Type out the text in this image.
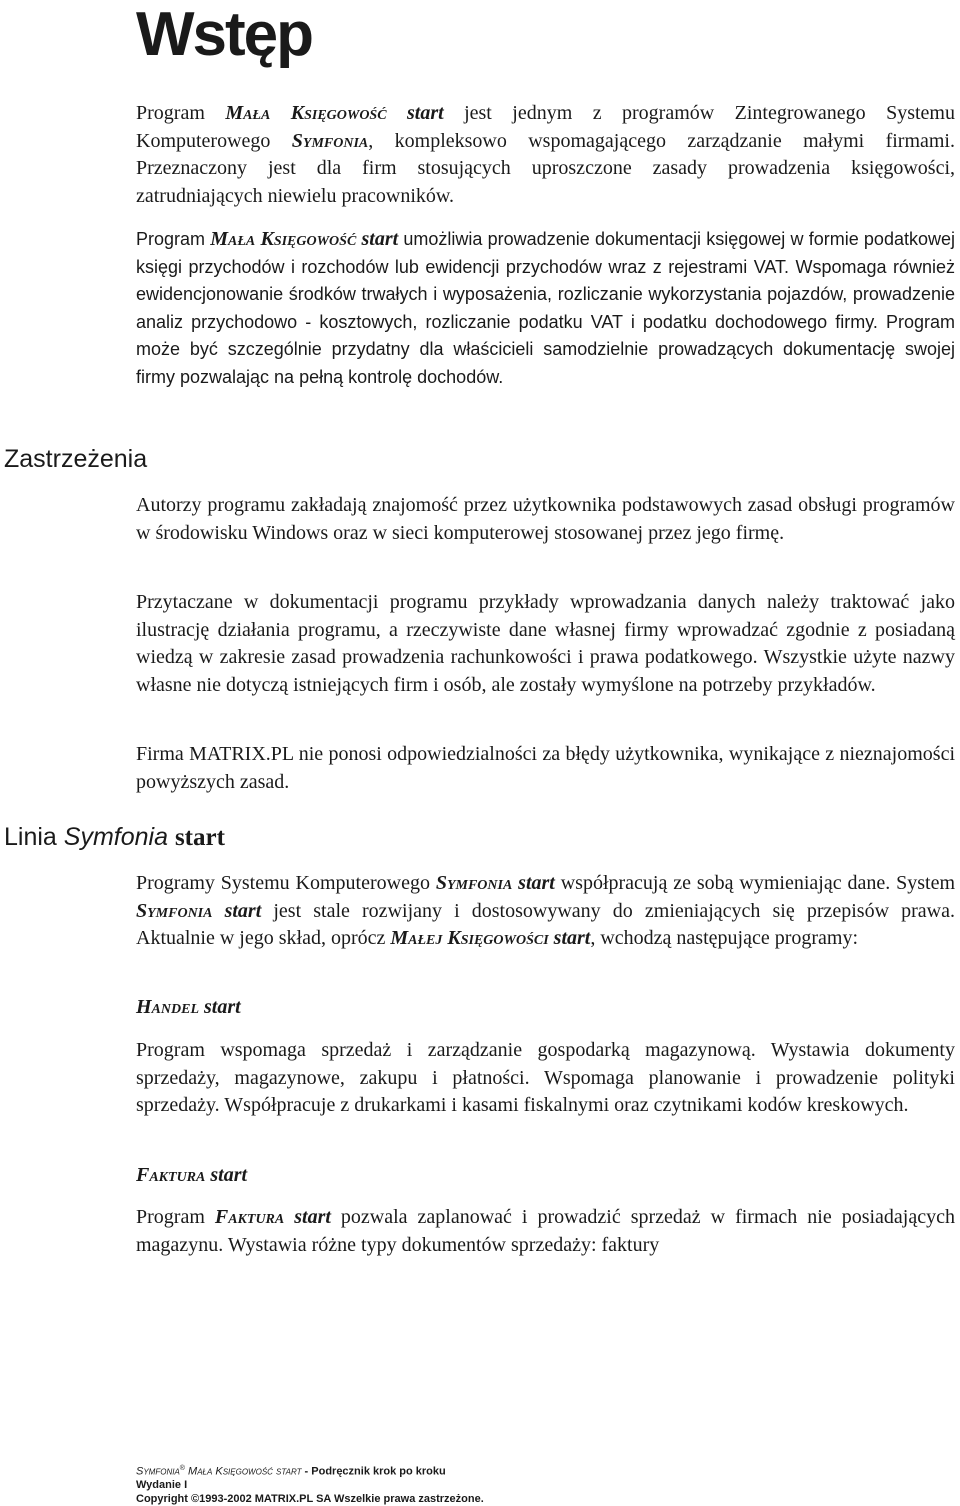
Wstęp
Program Mała Księgowość start jest jednym z programów Zintegrowanego Systemu Komputerowego Symfonia, kompleksowo wspomagającego zarządzanie małymi firmami. Przeznaczony jest dla firm stosujących uproszczone zasady prowadzenia księgowości, zatrudniających niewielu pracowników.
Program Mała Księgowość start umożliwia prowadzenie dokumentacji księgowej w formie podatkowej księgi przychodów i rozchodów lub ewidencji przychodów wraz z rejestrami VAT. Wspomaga również ewidencjonowanie środków trwałych i wyposażenia, rozliczanie wykorzystania pojazdów, prowadzenie analiz przychodowo - kosztowych, rozliczanie podatku VAT i podatku dochodowego firmy. Program może być szczególnie przydatny dla właścicieli samodzielnie prowadzących dokumentację swojej firmy pozwalając na pełną kontrolę dochodów.
Zastrzeżenia
Autorzy programu zakładają znajomość przez użytkownika podstawowych zasad obsługi programów w środowisku Windows oraz w sieci komputerowej stosowanej przez jego firmę.
Przytaczane w dokumentacji programu przykłady wprowadzania danych należy traktować jako ilustrację działania programu, a rzeczywiste dane własnej firmy wprowadzać zgodnie z posiadaną wiedzą w zakresie zasad prowadzenia rachunkowości i prawa podatkowego. Wszystkie użyte nazwy własne nie dotyczą istniejących firm i osób, ale zostały wymyślone na potrzeby przykładów.
Firma MATRIX.PL nie ponosi odpowiedzialności za błędy użytkownika, wynikające z nieznajomości powyższych zasad.
Linia Symfonia start
Programy Systemu Komputerowego Symfonia start współpracują ze sobą wymieniając dane. System Symfonia start jest stale rozwijany i dostosowywany do zmieniających się przepisów prawa. Aktualnie w jego skład, oprócz Małej Księgowości start, wchodzą następujące programy:
Handel start
Program wspomaga sprzedaż i zarządzanie gospodarką magazynową. Wystawia dokumenty sprzedaży, magazynowe, zakupu i płatności. Wspomaga planowanie i prowadzenie polityki sprzedaży. Współpracuje z drukarkami i kasami fiskalnymi oraz czytnikami kodów kreskowych.
Faktura start
Program Faktura start pozwala zaplanować i prowadzić sprzedaż w firmach nie posiadających magazynu. Wystawia różne typy dokumentów sprzedaży: faktury
Symfonia® Mała Księgowość start - Podręcznik krok po kroku
Wydanie I
Copyright ©1993-2002 MATRIX.PL SA Wszelkie prawa zastrzeżone.
